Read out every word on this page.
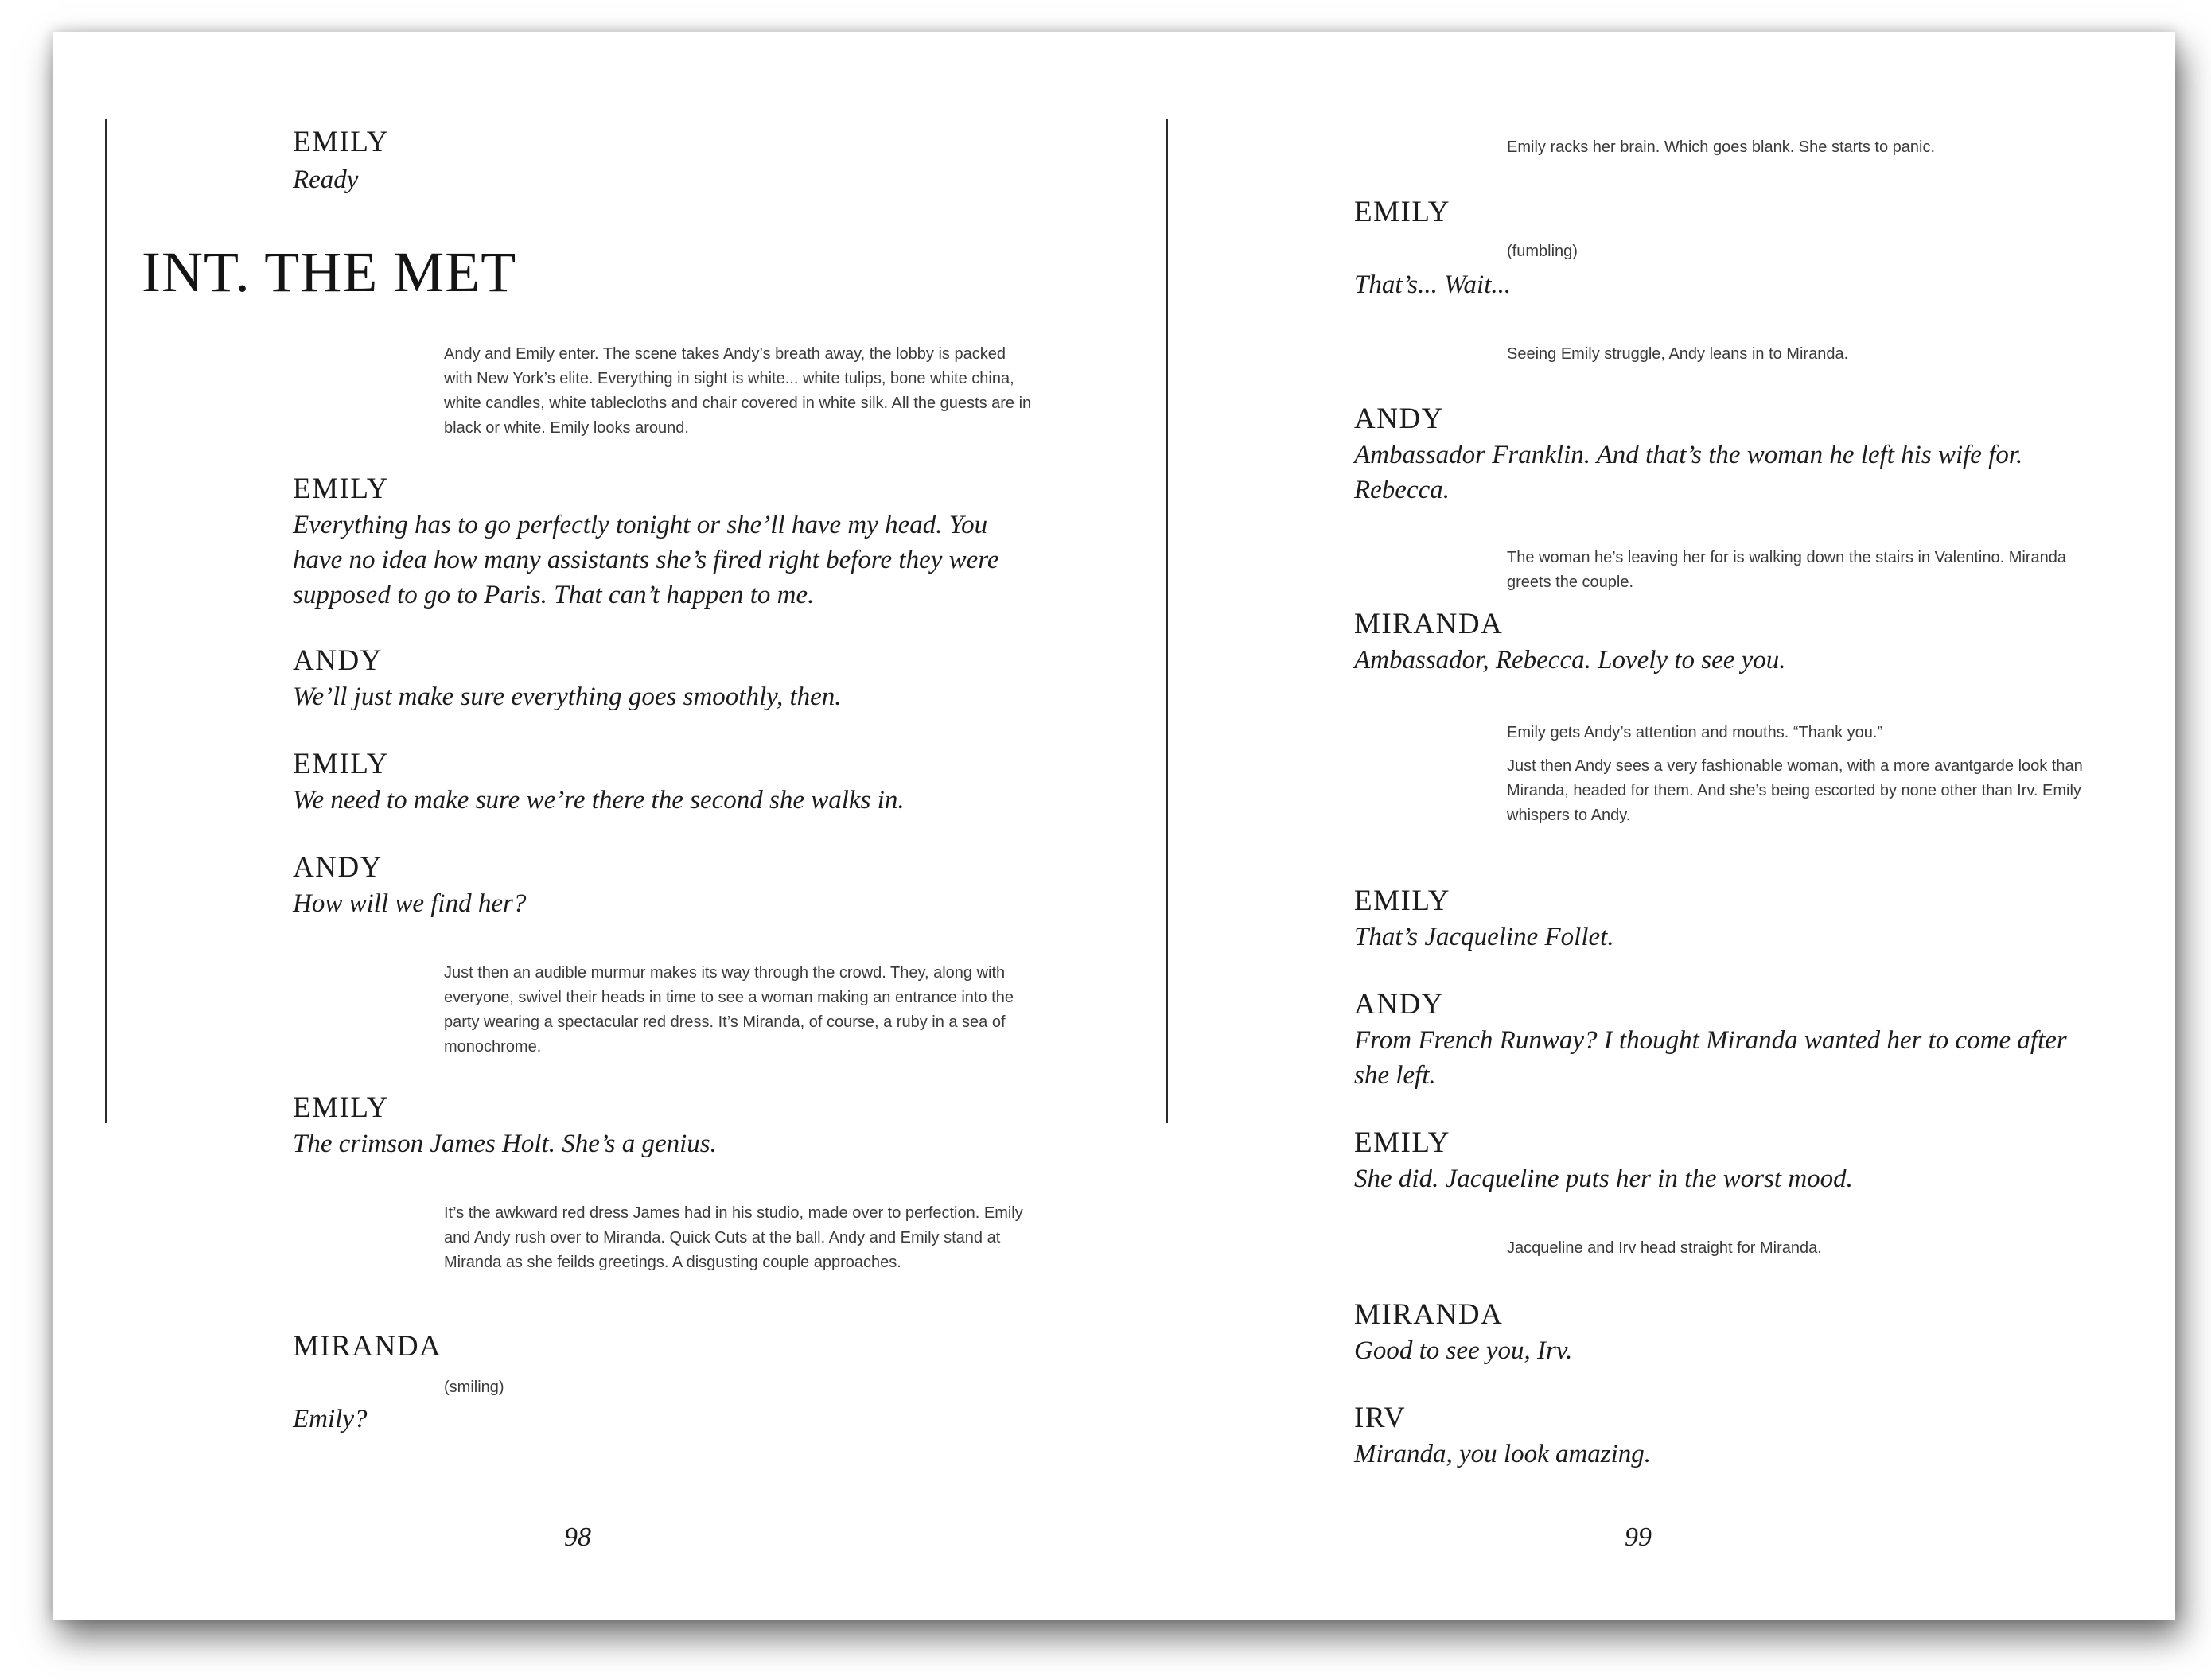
EMILY
Ready
INT. THE MET
Andy and Emily enter. The scene takes Andy’s breath away, the lobby is packed with New York’s elite. Everything in sight is white... white tulips, bone white china, white candles, white tablecloths and chair covered in white silk. All the guests are in black or white. Emily looks around.
EMILY
Everything has to go perfectly tonight or she’ll have my head. You have no idea how many assistants she’s fired right before they were supposed to go to Paris. That can’t happen to me.
ANDY
We’ll just make sure everything goes smoothly, then.
EMILY
We need to make sure we’re there the second she walks in.
ANDY
How will we find her?
Just then an audible murmur makes its way through the crowd. They, along with everyone, swivel their heads in time to see a woman making an entrance into the party wearing a spectacular red dress. It’s Miranda, of course, a ruby in a sea of monochrome.
EMILY
The crimson James Holt. She’s a genius.
It’s the awkward red dress James had in his studio, made over to perfection. Emily and Andy rush over to Miranda. Quick Cuts at the ball. Andy and Emily stand at Miranda as she feilds greetings. A disgusting couple approaches.
MIRANDA
(smiling)
Emily?
98
Emily racks her brain. Which goes blank. She starts to panic.
EMILY
(fumbling)
That’s... Wait...
Seeing Emily struggle, Andy leans in to Miranda.
ANDY
Ambassador Franklin. And that’s the woman he left his wife for. Rebecca.
The woman he’s leaving her for is walking down the stairs in Valentino. Miranda greets the couple.
MIRANDA
Ambassador, Rebecca. Lovely to see you.
Emily gets Andy’s attention and mouths. “Thank you.”
Just then Andy sees a very fashionable woman, with a more avantgarde look than Miranda, headed for them. And she’s being escorted by none other than Irv. Emily whispers to Andy.
EMILY
That’s Jacqueline Follet.
ANDY
From French Runway? I thought Miranda wanted her to come after she left.
EMILY
She did. Jacqueline puts her in the worst mood.
Jacqueline and Irv head straight for Miranda.
MIRANDA
Good to see you, Irv.
IRV
Miranda, you look amazing.
99
